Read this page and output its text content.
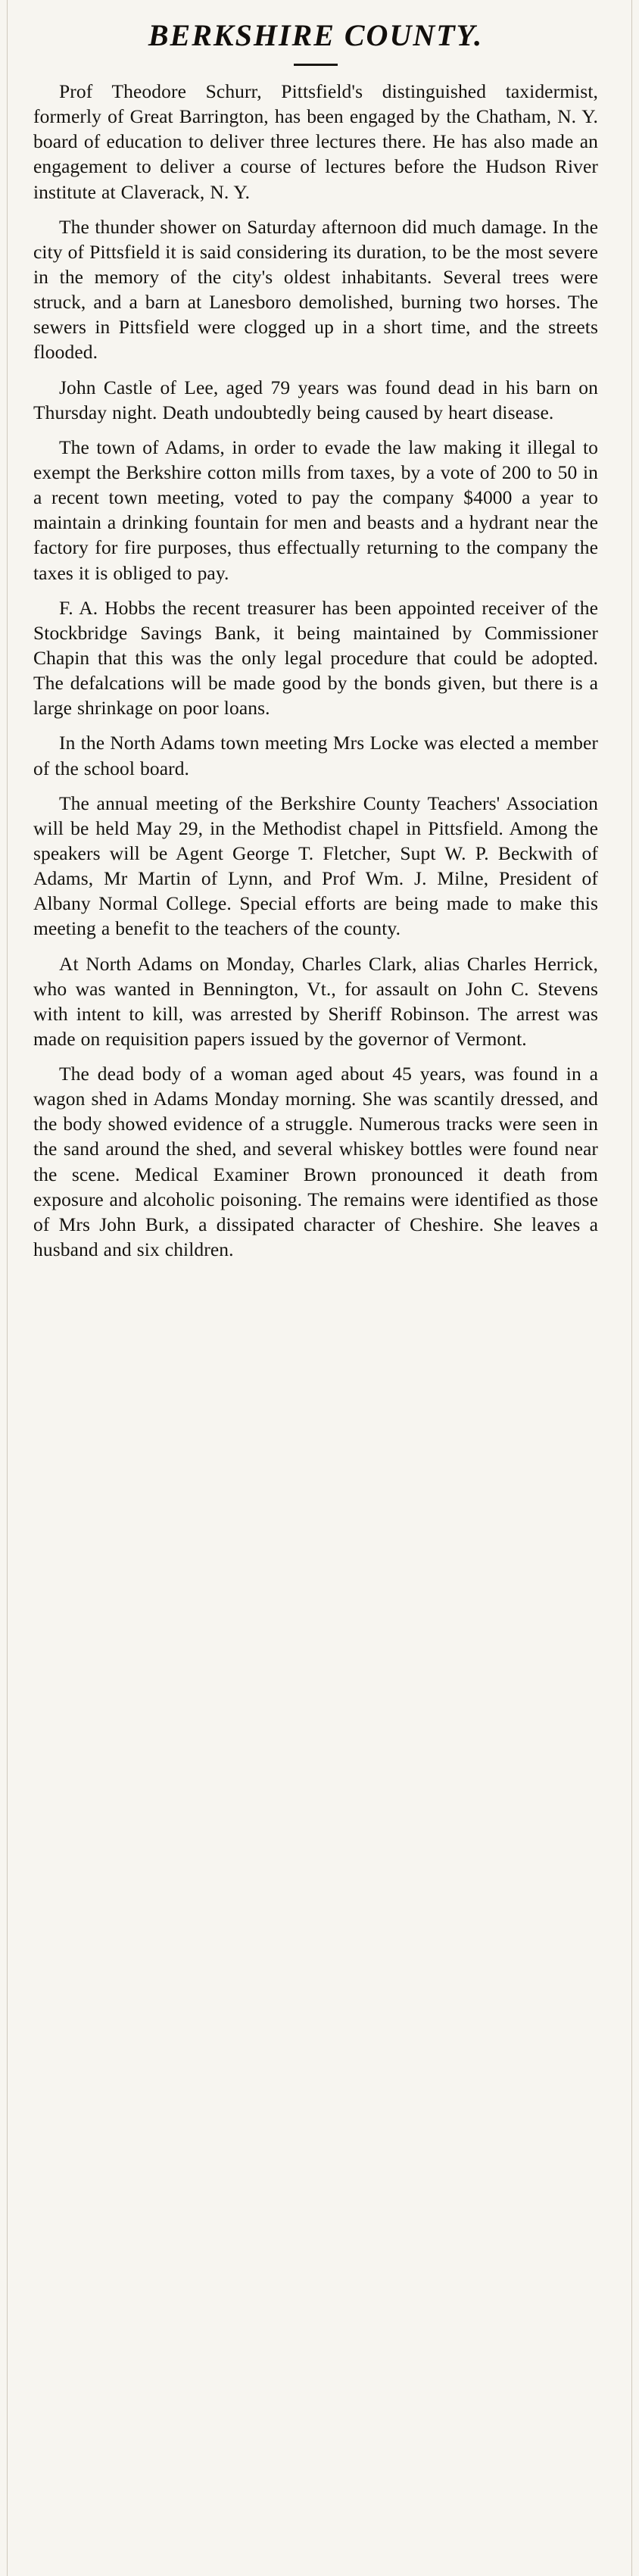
BERKSHIRE COUNTY.

Prof Theodore Schurr, Pittsfield's distinguished taxidermist, formerly of Great Barrington, has been engaged by the Chatham, N. Y. board of education to deliver three lectures there. He has also made an engagement to deliver a course of lectures before the Hudson River institute at Claverack, N. Y.

The thunder shower on Saturday afternoon did much damage. In the city of Pittsfield it is said considering its duration, to be the most severe in the memory of the city's oldest inhabitants. Several trees were struck, and a barn at Lanesboro demolished, burning two horses. The sewers in Pittsfield were clogged up in a short time, and the streets flooded.

John Castle of Lee, aged 79 years was found dead in his barn on Thursday night. Death undoubtedly being caused by heart disease.

The town of Adams, in order to evade the law making it illegal to exempt the Berkshire cotton mills from taxes, by a vote of 200 to 50 in a recent town meeting, voted to pay the company $4000 a year to maintain a drinking fountain for men and beasts and a hydrant near the factory for fire purposes, thus effectually returning to the company the taxes it is obliged to pay.

F. A. Hobbs the recent treasurer has been appointed receiver of the Stockbridge Savings Bank, it being maintained by Commissioner Chapin that this was the only legal procedure that could be adopted. The defalcations will be made good by the bonds given, but there is a large shrinkage on poor loans.

In the North Adams town meeting Mrs Locke was elected a member of the school board.

The annual meeting of the Berkshire County Teachers' Association will be held May 29, in the Methodist chapel in Pittsfield. Among the speakers will be Agent George T. Fletcher, Supt W. P. Beckwith of Adams, Mr Martin of Lynn, and Prof Wm. J. Milne, President of Albany Normal College. Special efforts are being made to make this meeting a benefit to the teachers of the county.

At North Adams on Monday, Charles Clark, alias Charles Herrick, who was wanted in Bennington, Vt., for assault on John C. Stevens with intent to kill, was arrested by Sheriff Robinson. The arrest was made on requisition papers issued by the governor of Vermont.

The dead body of a woman aged about 45 years, was found in a wagon shed in Adams Monday morning. She was scantily dressed, and the body showed evidence of a struggle. Numerous tracks were seen in the sand around the shed, and several whiskey bottles were found near the scene. Medical Examiner Brown pronounced it death from exposure and alcoholic poisoning. The remains were identified as those of Mrs John Burk, a dissipated character of Cheshire. She leaves a husband and six children.
